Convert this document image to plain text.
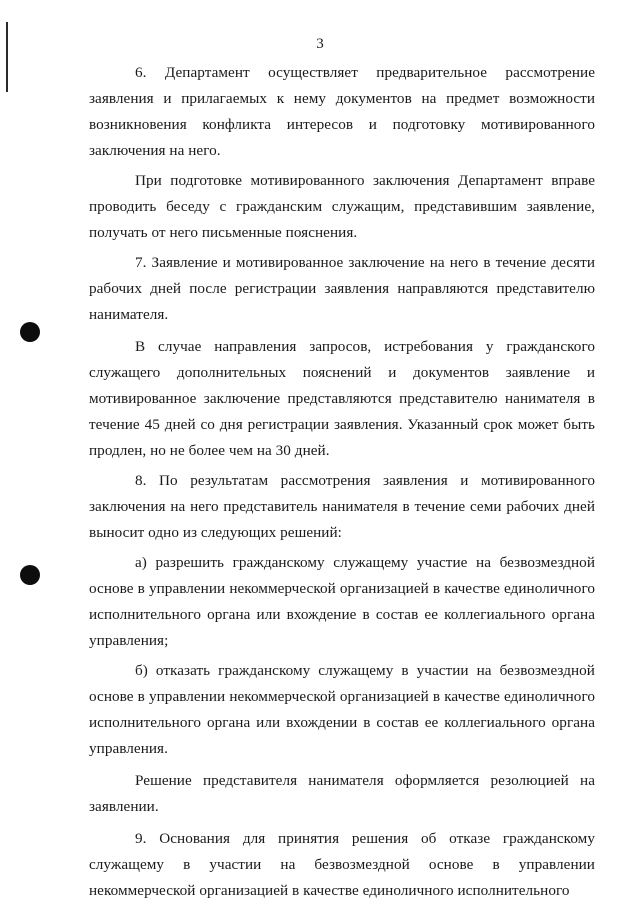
3

6. Департамент осуществляет предварительное рассмотрение заявления и прилагаемых к нему документов на предмет возможности возникновения конфликта интересов и подготовку мотивированного заключения на него.

При подготовке мотивированного заключения Департамент вправе проводить беседу с гражданским служащим, представившим заявление, получать от него письменные пояснения.

7. Заявление и мотивированное заключение на него в течение десяти рабочих дней после регистрации заявления направляются представителю нанимателя.

В случае направления запросов, истребования у гражданского служащего дополнительных пояснений и документов заявление и мотивированное заключение представляются представителю нанимателя в течение 45 дней со дня регистрации заявления. Указанный срок может быть продлен, но не более чем на 30 дней.

8. По результатам рассмотрения заявления и мотивированного заключения на него представитель нанимателя в течение семи рабочих дней выносит одно из следующих решений:

а) разрешить гражданскому служащему участие на безвозмездной основе в управлении некоммерческой организацией в качестве единоличного исполнительного органа или вхождение в состав ее коллегиального органа управления;

б) отказать гражданскому служащему в участии на безвозмездной основе в управлении некоммерческой организацией в качестве единоличного исполнительного органа или вхождении в состав ее коллегиального органа управления.

Решение представителя нанимателя оформляется резолюцией на заявлении.

9. Основания для принятия решения об отказе гражданскому служащему в участии на безвозмездной основе в управлении некоммерческой организацией в качестве единоличного исполнительного
